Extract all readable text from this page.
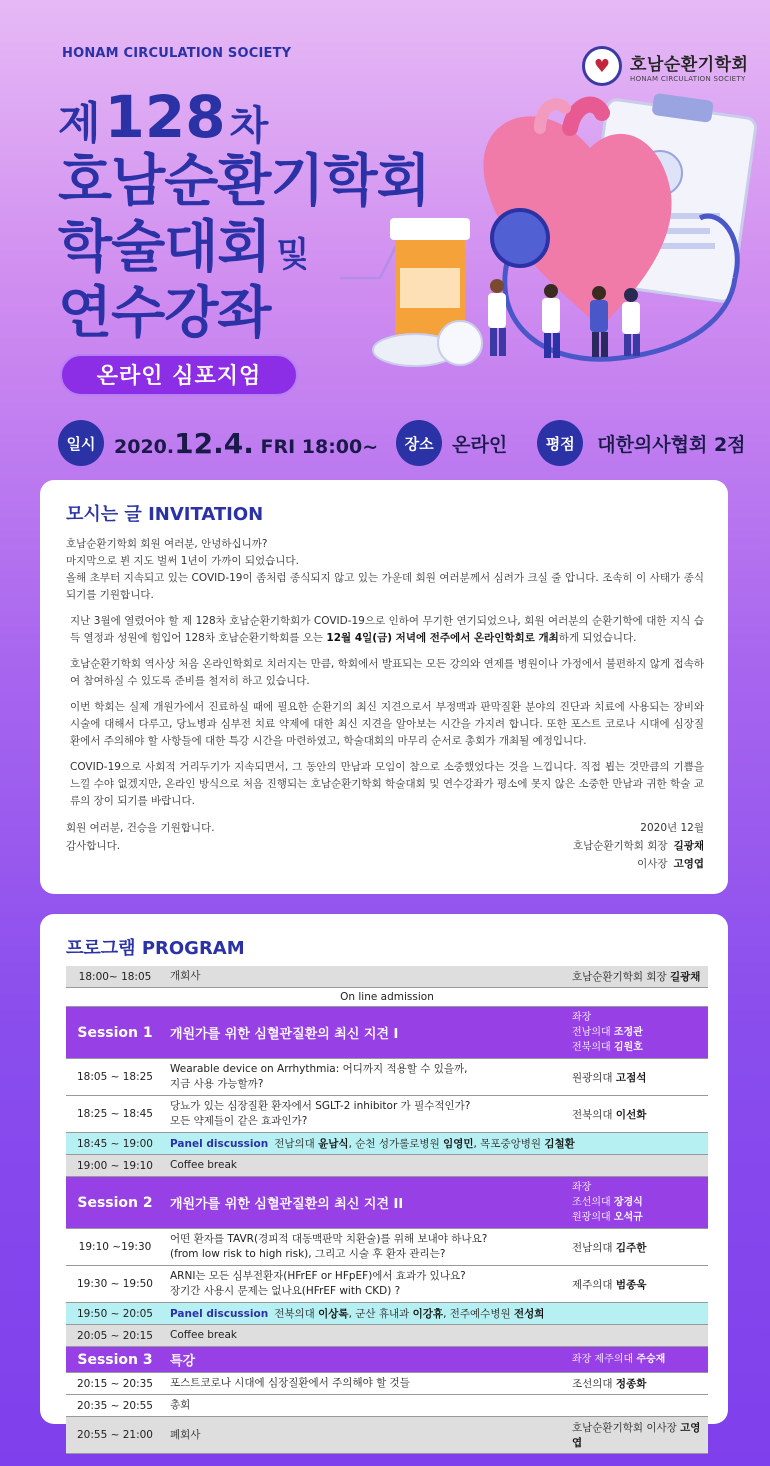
HONAM CIRCULATION SOCIETY
♥	호남순환기학회
HONAM CIRCULATION SOCIETY
제 128 차
호남순환기학회
학술대회 및
연수강좌
온라인 심포지엄
일시 2020.12.4. FRI 18:00~	장소 온라인	평점	대한의사협회 2점
모시는 글 INVITATION

호남순환기학회 회원 여러분, 안녕하십니까?
마지막으로 뵌 지도 벌써 1년이 가까이 되었습니다.
올해 초부터 지속되고 있는 COVID-19이 좀처럼 종식되지 않고 있는 가운데 회원 여러분께서 심려가 크실 줄 압니다. 조속히 이 사태가 종식되기를 기원합니다.

지난 3월에 열렸어야 할 제 128차 호남순환기학회가 COVID-19으로 인하여 무기한 연기되었으나, 회원 여러분의 순환기학에 대한 지식 습득 열정과 성원에 힘입어 128차 호남순환기학회를 오는 12월 4일(금) 저녁에 전주에서 온라인학회로 개최하게 되었습니다.

호남순환기학회 역사상 처음 온라인학회로 치러지는 만큼, 학회에서 발표되는 모든 강의와 연제를 병원이나 가정에서 불편하지 않게 접속하여 참여하실 수 있도록 준비를 철저히 하고 있습니다.

이번 학회는 실제 개원가에서 진료하실 때에 필요한 순환기의 최신 지견으로서 부정맥과 판막질환 분야의 진단과 치료에 사용되는 장비와 시술에 대해서 다루고, 당뇨병과 심부전 치료 약제에 대한 최신 지견을 알아보는 시간을 가지려 합니다. 또한 포스트 코로나 시대에 심장질환에서 주의해야 할 사항들에 대한 특강 시간을 마련하였고, 학술대회의 마무리 순서로 총회가 개최될 예정입니다.

COVID-19으로 사회적 거리두기가 지속되면서, 그 동안의 만남과 모임이 참으로 소중했었다는 것을 느낍니다. 직접 뵙는 것만큼의 기쁨을 느낄 수야 없겠지만, 온라인 방식으로 처음 진행되는 호남순환기학회 학술대회 및 연수강좌가 평소에 못지 않은 소중한 만남과 귀한 학술 교류의 장이 되기를 바랍니다.

회원 여러분, 건승을 기원합니다.
감사합니다.
2020년 12월
호남순환기학회 회장 길광채
이사장 고영엽
프로그램 PROGRAM
18:00~ 18:05	개회사	호남순환기학회 회장 길광채
On line admission		
Session 1	개원가를 위한 심혈관질환의 최신 지견 I	좌장
전남의대 조정관
전북의대 김원호

18:05 ~ 18:25	Wearable device on Arrhythmia: 어디까지 적용할 수 있을까,
지금 사용 가능할까?	원광의대 고점석
18:25 ~ 18:45	당뇨가 있는 심장질환 환자에서 SGLT-2 inhibitor 가 필수적인가?
모든 약제들이 같은 효과인가?	전북의대 이선화
18:45 ~ 19:00	Panel discussion 전남의대 윤남식, 순천 성가롤로병원 임영민, 목포중앙병원 김철환	
19:00 ~ 19:10	Coffee break	
Session 2	개원가를 위한 심혈관질환의 최신 지견 II	좌장
조선의대 장경식
원광의대 오석규

19:10 ~19:30	어떤 환자를 TAVR(경피적 대동맥판막 치환술)를 위해 보내야 하나요?
(from low risk to high risk), 그리고 시술 후 환자 관리는?	전남의대 김주한
19:30 ~ 19:50	ARNI는 모든 심부전환자(HFrEF or HFpEF)에서 효과가 있나요?
장기간 사용시 문제는 없나요(HFrEF with CKD) ?	제주의대 범종욱
19:50 ~ 20:05	Panel discussion 전북의대 이상록, 군산 휴내과 이강휴, 전주예수병원 전성희	
20:05 ~ 20:15	Coffee break	
Session 3	특강	좌장 제주의대 주승재

20:15 ~ 20:35	포스트코로나 시대에 심장질환에서 주의해야 할 것들	조선의대 정종화
20:35 ~ 20:55	총회	
20:55 ~ 21:00	폐회사	호남순환기학회 이사장 고영엽
